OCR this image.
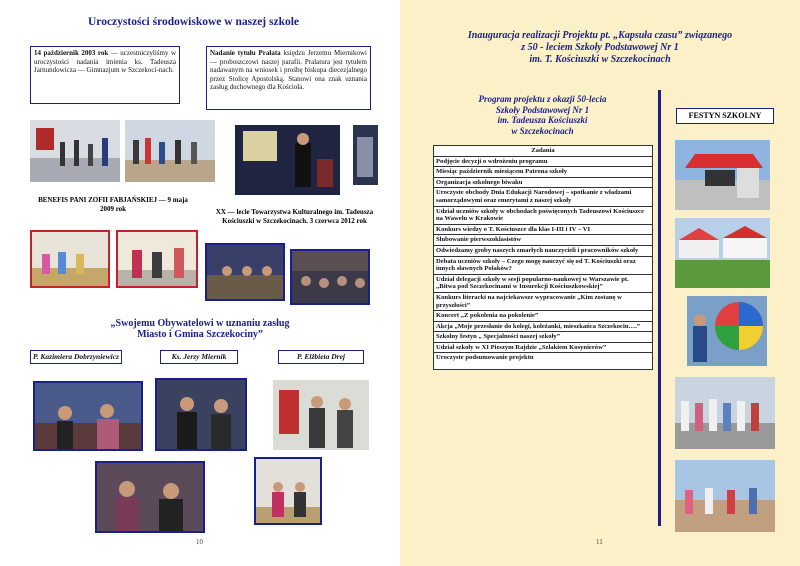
Uroczystości środowiskowe w naszej szkole
14 październik 2003 rok — uczestniczyliśmy w uroczystości nadania imienia ks. Tadeusza Jarnundowicza — Gimnazjum w Szczekoci-nach.
Nadanie tytułu Prałata księdzu Jerzemu Miernikowi— proboszczowi naszej parafii. Pralatura jest tytułem nadawanym na wniosek i prośbę biskupa diecezjalnego przez Stolicę Apostolską. Stanowi ona znak uznania zasług duchownego dla Kościoła.
BENEFIS PANI ZOFII FABJAŃSKIEJ — 9 maja 2009 rok	XX — lecie Towarzystwa Kulturalnego im. Tadeusza Kościuszki w Szczekocinach. 3 czerwca 2012 rok
„Swojemu Obywatelowi w uznaniu zasług
Miasto i Gmina Szczekociny”
P. Kazimiera Dobrzyniewicz	Ks. Jerzy Miernik	P. Elżbieta Drej
10
Inauguracja realizacji Projektu pt. „Kapsuła czasu” związanego
z 50 - leciem Szkoły Podstawowej Nr 1
im. T. Kościuszki w Szczekocinach
Program projektu z okazji 50-lecia
Szkoły Podstawowej Nr 1
im. Tadeusza Kościuszki
w Szczekocinach
Zadania
Podjęcie decyzji o wdrożeniu programu
Miesiąc październik miesiącem Patrona szkoły
Organizacja szkolnego biwaku
Uroczyste obchody Dnia Edukacji Narodowej – spotkanie z władzami samorządowymi oraz emerytami z naszej szkoły
Udział uczniów szkoły w obchodach poświęconych Tadeuszowi Kościuszce na Wawelu w Krakowie
Konkurs wiedzy o T. Kościuszce dla klas I-III i IV – VI
Ślubowanie pierwszoklasistów
Odwiedzamy groby naszych zmarłych nauczycieli i pracowników szkoły
Debata uczniów szkoły – Czego mogę nauczyć się od T. Kościuszki oraz innych sławnych Polaków?
Udział delegacji szkoły w sesji popularno-naukowej w Warszawie pt. „Bitwa pod Szczekocinami w Insurekcji Kościuszkowskiej”
Konkurs literacki na najciekawsze wypracowanie „Kim zostanę w przyszłości”
Koncert „Z pokolenia na pokolenie”
Akcja „Moje przesłanie do kolegi, koleżanki, mieszkańca Szczekocin….”
Szkolny festyn „ Specjalności naszej szkoły”
Udział szkoły w XI Pieszym Rajdzie „Szlakiem Kosynierów”
Uroczyste podsumowanie projektu
FESTYN SZKOLNY
11
